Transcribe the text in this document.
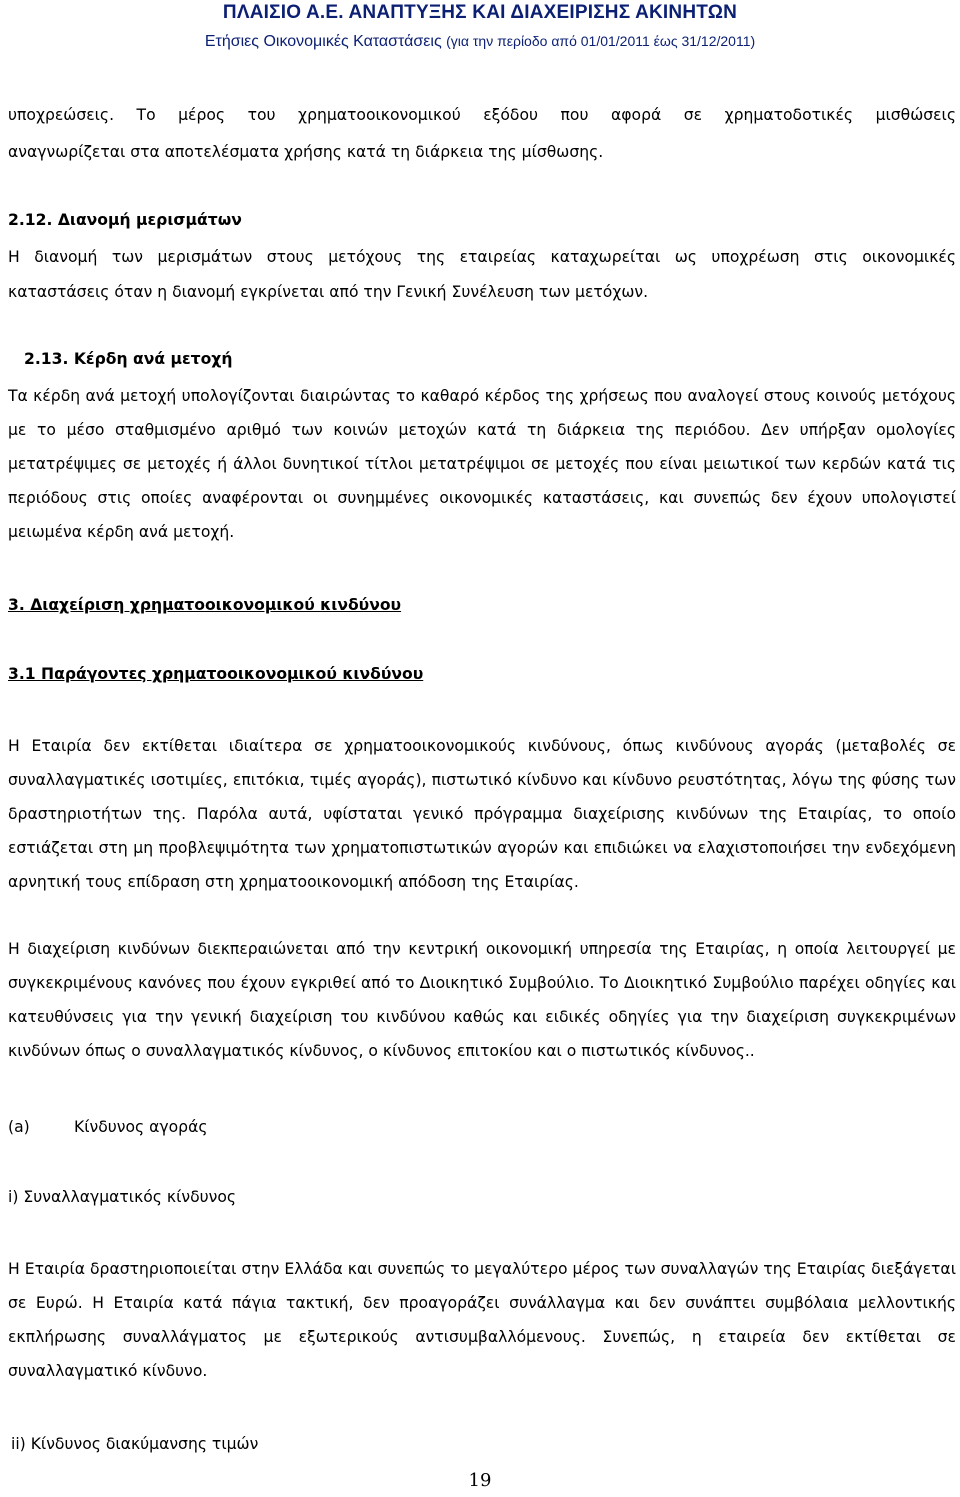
ΠΛΑΙΣΙΟ Α.Ε. ΑΝΑΠΤΥΞΗΣ ΚΑΙ ΔΙΑΧΕΙΡΙΣΗΣ ΑΚΙΝΗΤΩΝ
Ετήσιες Οικονομικές Καταστάσεις (για την περίοδο από 01/01/2011 έως 31/12/2011)
υποχρεώσεις. Το μέρος του χρηματοοικονομικού εξόδου που αφορά σε χρηματοδοτικές μισθώσεις
αναγνωρίζεται στα αποτελέσματα χρήσης κατά τη διάρκεια της μίσθωσης.
2.12. Διανομή μερισμάτων
Η διανομή των μερισμάτων στους μετόχους της εταιρείας καταχωρείται ως υποχρέωση στις οικονομικές
καταστάσεις όταν η διανομή εγκρίνεται από την Γενική Συνέλευση των μετόχων.
2.13. Κέρδη ανά μετοχή
Τα κέρδη ανά μετοχή υπολογίζονται διαιρώντας το καθαρό κέρδος της χρήσεως που αναλογεί στους κοινούς μετόχους με το μέσο σταθμισμένο αριθμό των κοινών μετοχών κατά τη διάρκεια της περιόδου. Δεν υπήρξαν ομολογίες μετατρέψιμες σε μετοχές ή άλλοι δυνητικοί τίτλοι μετατρέψιμοι σε μετοχές που είναι μειωτικοί των κερδών κατά τις περιόδους στις οποίες αναφέρονται οι συνημμένες οικονομικές καταστάσεις, και συνεπώς δεν έχουν υπολογιστεί μειωμένα κέρδη ανά μετοχή.
3. Διαχείριση χρηματοοικονομικού κινδύνου
3.1 Παράγοντες χρηματοοικονομικού κινδύνου
Η Εταιρία δεν εκτίθεται ιδιαίτερα σε χρηματοοικονομικούς κινδύνους, όπως κινδύνους αγοράς (μεταβολές σε συναλλαγματικές ισοτιμίες, επιτόκια, τιμές αγοράς), πιστωτικό κίνδυνο και κίνδυνο ρευστότητας, λόγω της φύσης των δραστηριοτήτων της. Παρόλα αυτά, υφίσταται γενικό πρόγραμμα διαχείρισης κινδύνων της Εταιρίας, το οποίο εστιάζεται στη μη προβλεψιμότητα των χρηματοπιστωτικών αγορών και επιδιώκει να ελαχιστοποιήσει την ενδεχόμενη αρνητική τους επίδραση στη χρηματοοικονομική απόδοση της Εταιρίας.
Η διαχείριση κινδύνων διεκπεραιώνεται από την κεντρική οικονομική υπηρεσία της Εταιρίας, η οποία λειτουργεί με συγκεκριμένους κανόνες που έχουν εγκριθεί από το Διοικητικό Συμβούλιο. Το Διοικητικό Συμβούλιο παρέχει οδηγίες και κατευθύνσεις για την γενική διαχείριση του κινδύνου καθώς και ειδικές οδηγίες για την διαχείριση συγκεκριμένων κινδύνων όπως ο συναλλαγματικός κίνδυνος, ο κίνδυνος επιτοκίου και ο πιστωτικός κίνδυνος..
(a)	Κίνδυνος αγοράς
i) Συναλλαγματικός κίνδυνος
Η Εταιρία δραστηριοποιείται στην Ελλάδα και συνεπώς το μεγαλύτερο μέρος των συναλλαγών της Εταιρίας διεξάγεται σε Ευρώ. Η Εταιρία κατά πάγια τακτική, δεν προαγοράζει συνάλλαγμα και δεν συνάπτει συμβόλαια μελλοντικής εκπλήρωσης συναλλάγματος με εξωτερικούς αντισυμβαλλόμενους. Συνεπώς, η εταιρεία δεν εκτίθεται σε συναλλαγματικό κίνδυνο.
ii) Κίνδυνος διακύμανσης τιμών
19
